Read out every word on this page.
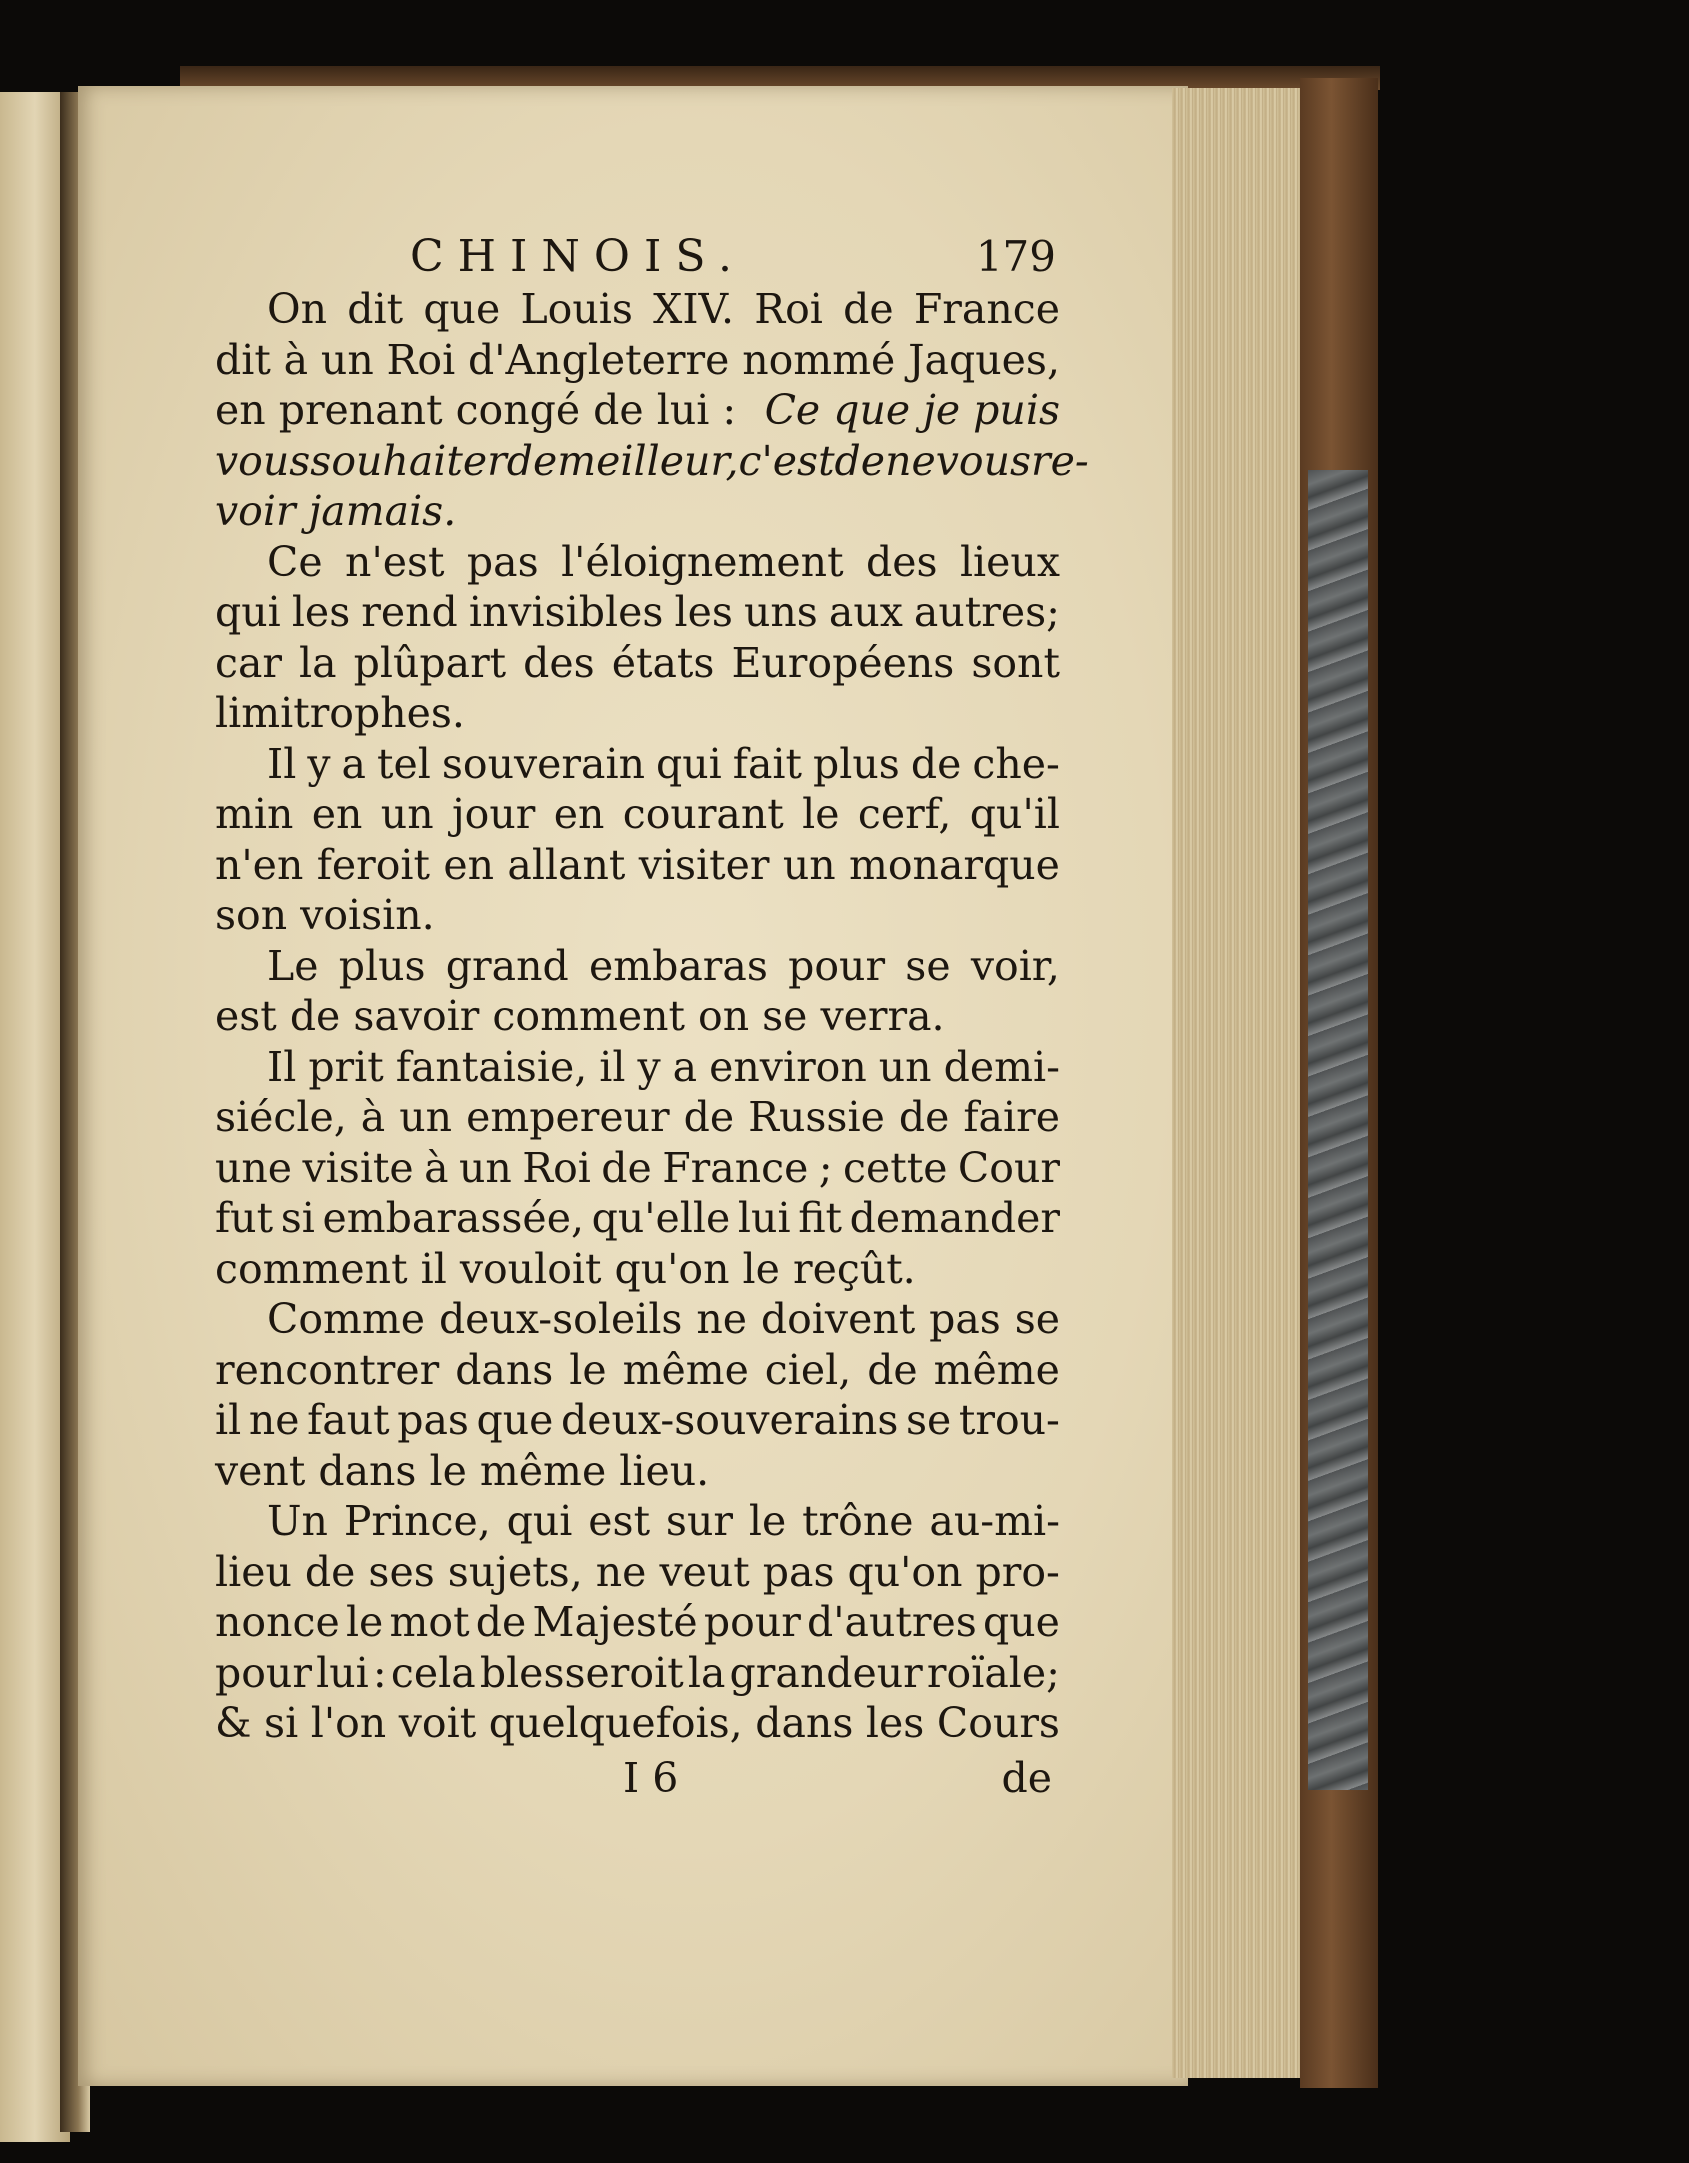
CHINOIS.	179
On dit que Louis XIV. Roi de France
dit à un Roi d'Angleterre nommé Jaques,
en prenant congé de lui : Ce que je puis
vous souhaiter de meilleur, c'est de ne vous re-
voir jamais.
Ce n'est pas l'éloignement des lieux
qui les rend invisibles les uns aux autres;
car la plûpart des états Européens sont
limitrophes.
Il y a tel souverain qui fait plus de che-
min en un jour en courant le cerf, qu'il
n'en feroit en allant visiter un monarque
son voisin.
Le plus grand embaras pour se voir,
est de savoir comment on se verra.
Il prit fantaisie, il y a environ un demi-
siécle, à un empereur de Russie de faire
une visite à un Roi de France ; cette Cour
fut si embarassée, qu'elle lui fit demander
comment il vouloit qu'on le reçût.
Comme deux-soleils ne doivent pas se
rencontrer dans le même ciel, de même
il ne faut pas que deux-souverains se trou-
vent dans le même lieu.
Un Prince, qui est sur le trône au-mi-
lieu de ses sujets, ne veut pas qu'on pro-
nonce le mot de Majesté pour d'autres que
pour lui : cela blesseroit la grandeur roïale;
& si l'on voit quelquefois, dans les Cours
I 6	de
